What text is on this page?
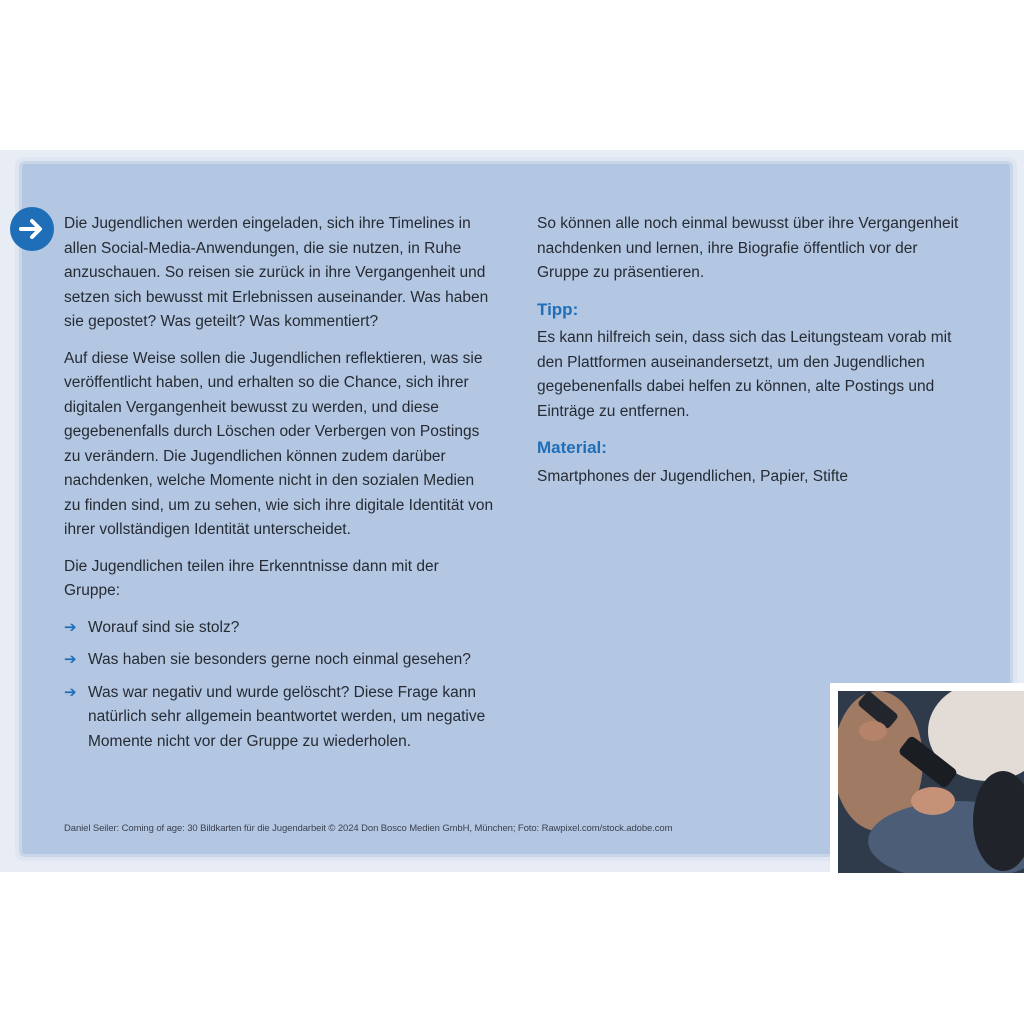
Die Jugendlichen werden eingeladen, sich ihre Timelines in allen Social-Media-Anwendungen, die sie nutzen, in Ruhe anzuschauen. So reisen sie zurück in ihre Vergangenheit und setzen sich bewusst mit Erlebnissen auseinander. Was haben sie gepostet? Was geteilt? Was kommentiert?

Auf diese Weise sollen die Jugendlichen reflektieren, was sie veröffentlicht haben, und erhalten so die Chance, sich ihrer digitalen Vergangenheit bewusst zu werden, und diese gegebenenfalls durch Löschen oder Verbergen von Postings zu verändern. Die Jugendlichen können zudem darüber nachdenken, welche Momente nicht in den sozialen Medien zu finden sind, um zu sehen, wie sich ihre digitale Identität von ihrer vollständigen Identität unterscheidet.

Die Jugendlichen teilen ihre Erkenntnisse dann mit der Gruppe:

➔ Worauf sind sie stolz?
➔ Was haben sie besonders gerne noch einmal gesehen?
➔ Was war negativ und wurde gelöscht? Diese Frage kann natürlich sehr allgemein beantwortet werden, um negative Momente nicht vor der Gruppe zu wiederholen.

So können alle noch einmal bewusst über ihre Vergangenheit nachdenken und lernen, ihre Biografie öffentlich vor der Gruppe zu präsentieren.

Tipp:

Es kann hilfreich sein, dass sich das Leitungsteam vorab mit den Plattformen auseinandersetzt, um den Jugendlichen gegebenenfalls dabei helfen zu können, alte Postings und Einträge zu entfernen.

Material:

Smartphones der Jugendlichen, Papier, Stifte

Daniel Seiler: Coming of age: 30 Bildkarten für die Jugendarbeit © 2024 Don Bosco Medien GmbH, München; Foto: Rawpixel.com/stock.adobe.com
